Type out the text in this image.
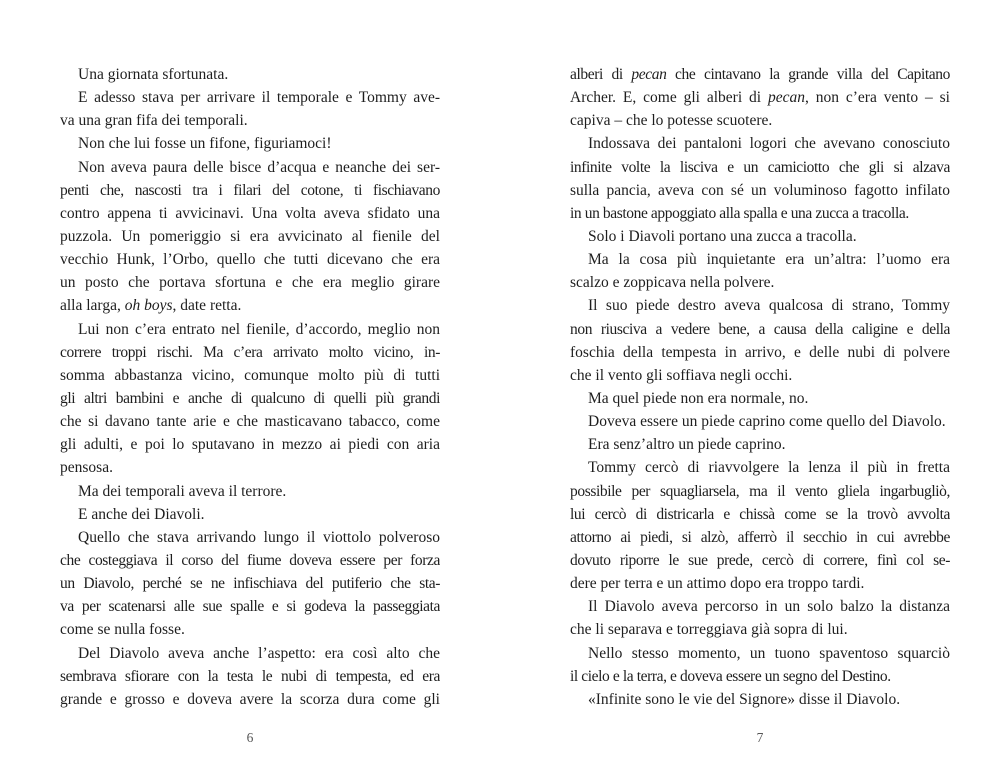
Una giornata sfortunata.
E adesso stava per arrivare il temporale e Tommy ave-
va una gran fifa dei temporali.
Non che lui fosse un fifone, figuriamoci!
Non aveva paura delle bisce d’acqua e neanche dei ser-
penti che, nascosti tra i filari del cotone, ti fischiavano
contro appena ti avvicinavi. Una volta aveva sfidato una
puzzola. Un pomeriggio si era avvicinato al fienile del
vecchio Hunk, l’Orbo, quello che tutti dicevano che era
un posto che portava sfortuna e che era meglio girare
alla larga, oh boys, date retta.
Lui non c’era entrato nel fienile, d’accordo, meglio non
correre troppi rischi. Ma c’era arrivato molto vicino, in-
somma abbastanza vicino, comunque molto più di tutti
gli altri bambini e anche di qualcuno di quelli più grandi
che si davano tante arie e che masticavano tabacco, come
gli adulti, e poi lo sputavano in mezzo ai piedi con aria
pensosa.
Ma dei temporali aveva il terrore.
E anche dei Diavoli.
Quello che stava arrivando lungo il viottolo polveroso
che costeggiava il corso del fiume doveva essere per forza
un Diavolo, perché se ne infischiava del putiferio che sta-
va per scatenarsi alle sue spalle e si godeva la passeggiata
come se nulla fosse.
Del Diavolo aveva anche l’aspetto: era così alto che
sembrava sfiorare con la testa le nubi di tempesta, ed era
grande e grosso e doveva avere la scorza dura come gli
alberi di pecan che cintavano la grande villa del Capitano
Archer. E, come gli alberi di pecan, non c’era vento – si
capiva – che lo potesse scuotere.
Indossava dei pantaloni logori che avevano conosciuto
infinite volte la lisciva e un camiciotto che gli si alzava
sulla pancia, aveva con sé un voluminoso fagotto infilato
in un bastone appoggiato alla spalla e una zucca a tracolla.
Solo i Diavoli portano una zucca a tracolla.
Ma la cosa più inquietante era un’altra: l’uomo era
scalzo e zoppicava nella polvere.
Il suo piede destro aveva qualcosa di strano, Tommy
non riusciva a vedere bene, a causa della caligine e della
foschia della tempesta in arrivo, e delle nubi di polvere
che il vento gli soffiava negli occhi.
Ma quel piede non era normale, no.
Doveva essere un piede caprino come quello del Diavolo.
Era senz’altro un piede caprino.
Tommy cercò di riavvolgere la lenza il più in fretta
possibile per squagliarsela, ma il vento gliela ingarbugliò,
lui cercò di districarla e chissà come se la trovò avvolta
attorno ai piedi, si alzò, afferrò il secchio in cui avrebbe
dovuto riporre le sue prede, cercò di correre, finì col se-
dere per terra e un attimo dopo era troppo tardi.
Il Diavolo aveva percorso in un solo balzo la distanza
che li separava e torreggiava già sopra di lui.
Nello stesso momento, un tuono spaventoso squarciò
il cielo e la terra, e doveva essere un segno del Destino.
«Infinite sono le vie del Signore» disse il Diavolo.
6	7
